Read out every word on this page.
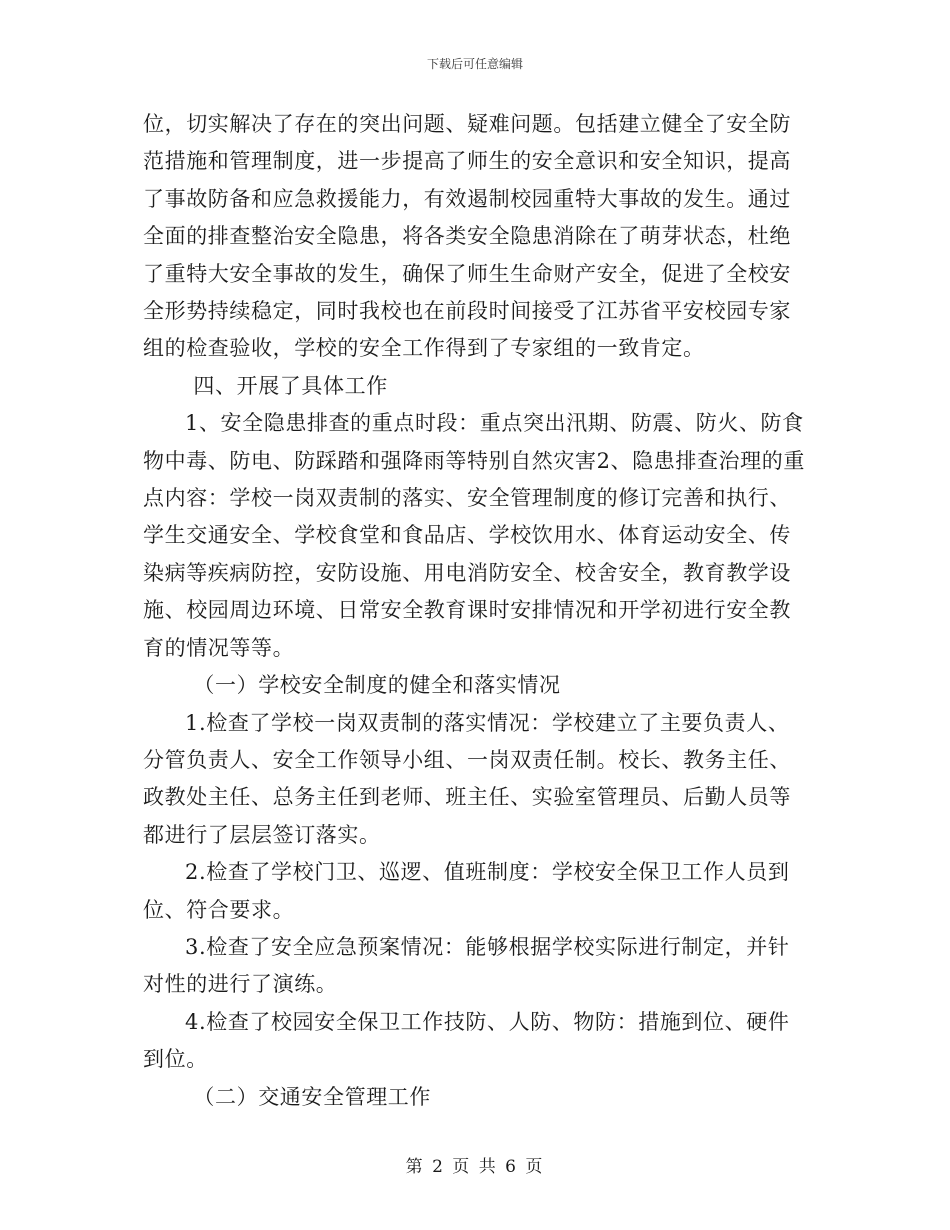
下载后可任意编辑

位，切实解决了存在的突出问题、疑难问题。包括建立健全了安全防范措施和管理制度，进一步提高了师生的安全意识和安全知识，提高了事故防备和应急救援能力，有效遏制校园重特大事故的发生。通过全面的排查整治安全隐患，将各类安全隐患消除在了萌芽状态，杜绝了重特大安全事故的发生，确保了师生生命财产安全，促进了全校安全形势持续稳定，同时我校也在前段时间接受了江苏省平安校园专家组的检查验收，学校的安全工作得到了专家组的一致肯定。

四、开展了具体工作

1、安全隐患排查的重点时段：重点突出汛期、防震、防火、防食物中毒、防电、防踩踏和强降雨等特别自然灾害2、隐患排查治理的重点内容：学校一岗双责制的落实、安全管理制度的修订完善和执行、学生交通安全、学校食堂和食品店、学校饮用水、体育运动安全、传染病等疾病防控，安防设施、用电消防安全、校舍安全，教育教学设施、校园周边环境、日常安全教育课时安排情况和开学初进行安全教育的情况等等。

（一）学校安全制度的健全和落实情况

1.检查了学校一岗双责制的落实情况：学校建立了主要负责人、分管负责人、安全工作领导小组、一岗双责任制。校长、教务主任、政教处主任、总务主任到老师、班主任、实验室管理员、后勤人员等都进行了层层签订落实。

2.检查了学校门卫、巡逻、值班制度：学校安全保卫工作人员到位、符合要求。

3.检查了安全应急预案情况：能够根据学校实际进行制定，并针对性的进行了演练。

4.检查了校园安全保卫工作技防、人防、物防：措施到位、硬件到位。

（二）交通安全管理工作

第 2 页 共 6 页
